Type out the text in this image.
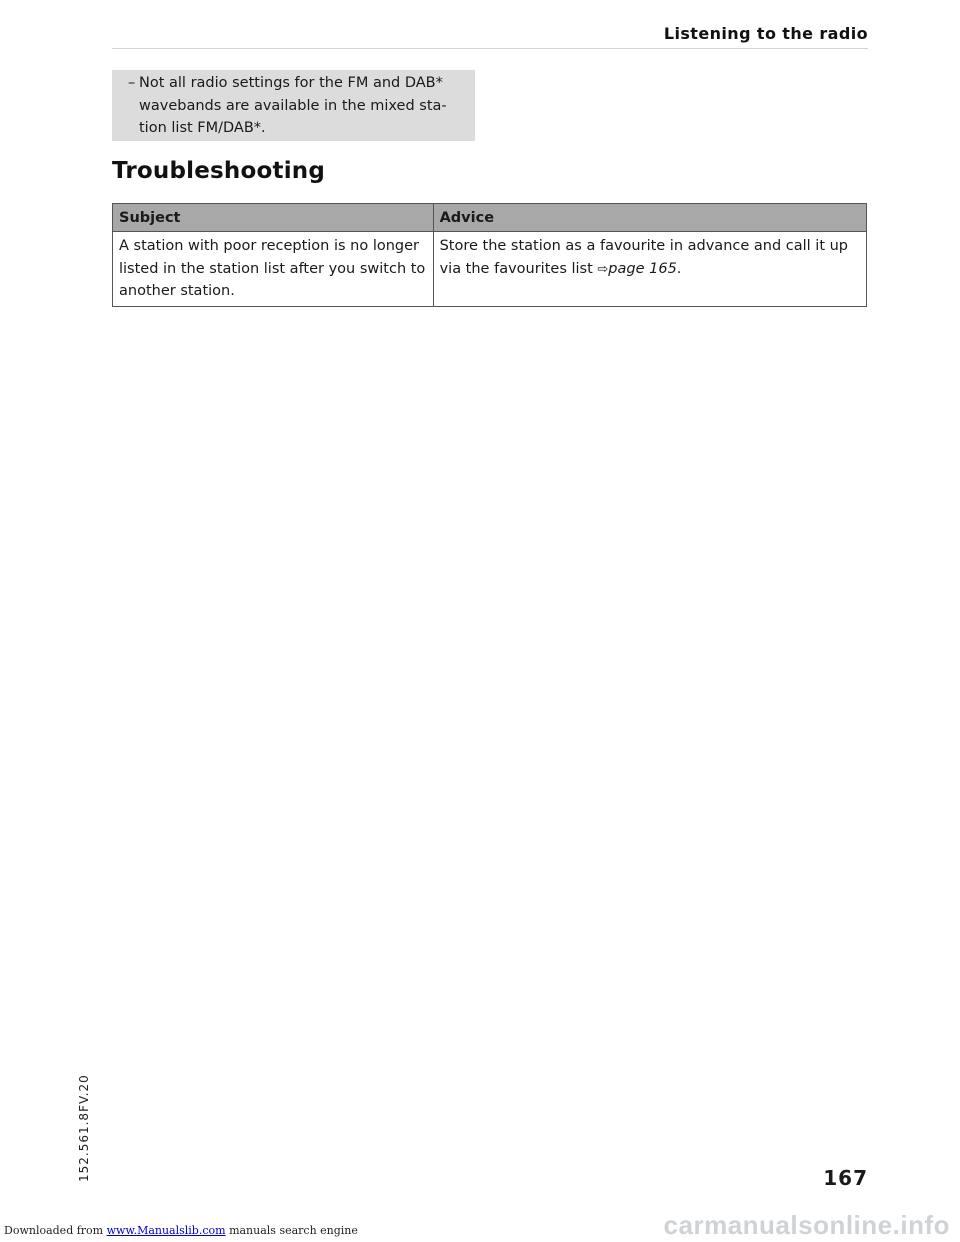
Listening to the radio
– Not all radio settings for the FM and DAB* wavebands are available in the mixed sta- tion list FM/DAB*.
Troubleshooting
Subject	Advice
A station with poor reception is no longer listed in the station list after you switch to another station.	Store the station as a favourite in advance and call it up via the favourites list ⇨page 165.
152.561.8FV.20	167
carmanualsonline.info
Downloaded from www.Manualslib.com manuals search engine
